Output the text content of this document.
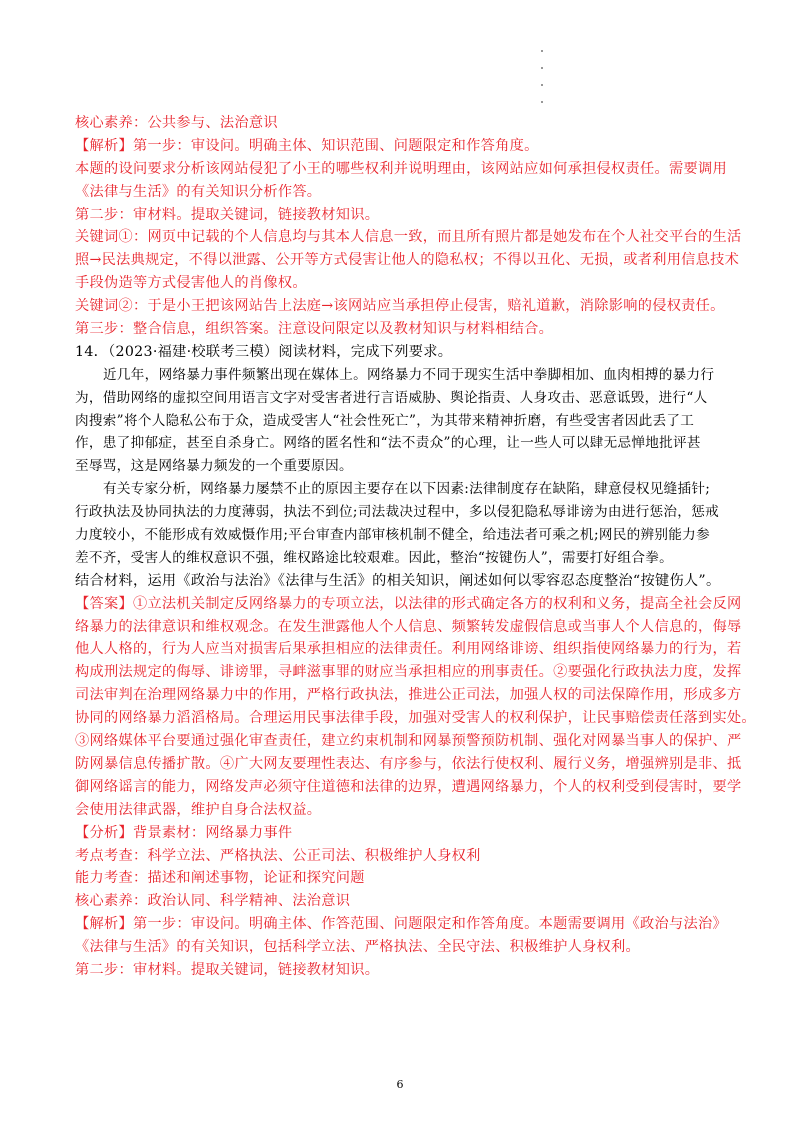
核心素养：公共参与、法治意识
【解析】第一步：审设问。明确主体、知识范围、问题限定和作答角度。
本题的设问要求分析该网站侵犯了小王的哪些权利并说明理由，该网站应如何承担侵权责任。需要调用
《法律与生活》的有关知识分析作答。
第二步：审材料。提取关键词，链接教材知识。
关键词①：网页中记载的个人信息均与其本人信息一致，而且所有照片都是她发布在个人社交平台的生活
照→民法典规定，不得以泄露、公开等方式侵害让他人的隐私权；不得以丑化、无损，或者利用信息技术
手段伪造等方式侵害他人的肖像权。
关键词②：于是小王把该网站告上法庭→该网站应当承担停止侵害，赔礼道歉，消除影响的侵权责任。
第三步：整合信息，组织答案。注意设问限定以及教材知识与材料相结合。
14．（2023·福建·校联考三模）阅读材料，完成下列要求。
近几年，网络暴力事件频繁出现在媒体上。网络暴力不同于现实生活中拳脚相加、血肉相搏的暴力行
为，借助网络的虚拟空间用语言文字对受害者进行言语威胁、舆论指责、人身攻击、恶意诋毁，进行“人
肉搜索”将个人隐私公布于众，造成受害人“社会性死亡”，为其带来精神折磨，有些受害者因此丢了工
作，患了抑郁症，甚至自杀身亡。网络的匿名性和“法不责众”的心理，让一些人可以肆无忌惮地批评甚
至辱骂，这是网络暴力频发的一个重要原因。
有关专家分析，网络暴力屡禁不止的原因主要存在以下因素:法律制度存在缺陷，肆意侵权见缝插针;
行政执法及协同执法的力度薄弱，执法不到位;司法裁决过程中，多以侵犯隐私辱诽谤为由进行惩治，惩戒
力度较小，不能形成有效威慑作用;平台审查内部审核机制不健全，给违法者可乘之机;网民的辨别能力参
差不齐，受害人的维权意识不强，维权路途比较艰难。因此，整治“按键伤人”，需要打好组合拳。
结合材料，运用《政治与法治》《法律与生活》的相关知识，阐述如何以零容忍态度整治“按键伤人”。
【答案】①立法机关制定反网络暴力的专项立法，以法律的形式确定各方的权利和义务，提高全社会反网
络暴力的法律意识和维权观念。在发生泄露他人个人信息、频繁转发虚假信息或当事人个人信息的，侮辱
他人人格的，行为人应当对损害后果承担相应的法律责任。利用网络诽谤、组织指使网络暴力的行为，若
构成刑法规定的侮辱、诽谤罪，寻衅滋事罪的财应当承担相应的刑事责任。②要强化行政执法力度，发挥
司法审判在治理网络暴力中的作用，严格行政执法，推进公正司法，加强人权的司法保障作用，形成多方
协同的网络暴力滔滔格局。合理运用民事法律手段，加强对受害人的权利保护，让民事赔偿责任落到实处。
③网络媒体平台要通过强化审查责任，建立约束机制和网暴预警预防机制、强化对网暴当事人的保护、严
防网暴信息传播扩散。④广大网友要理性表达、有序参与，依法行使权利、履行义务，增强辨别是非、抵
御网络谣言的能力，网络发声必须守住道德和法律的边界，遭遇网络暴力，个人的权利受到侵害时，要学
会使用法律武器，维护自身合法权益。
【分析】背景素材：网络暴力事件
考点考查：科学立法、严格执法、公正司法、积极维护人身权利
能力考查：描述和阐述事物，论证和探究问题
核心素养：政治认同、科学精神、法治意识
【解析】第一步：审设问。明确主体、作答范围、问题限定和作答角度。本题需要调用《政治与法治》
《法律与生活》的有关知识，包括科学立法、严格执法、全民守法、积极维护人身权利。
第二步：审材料。提取关键词，链接教材知识。
6
